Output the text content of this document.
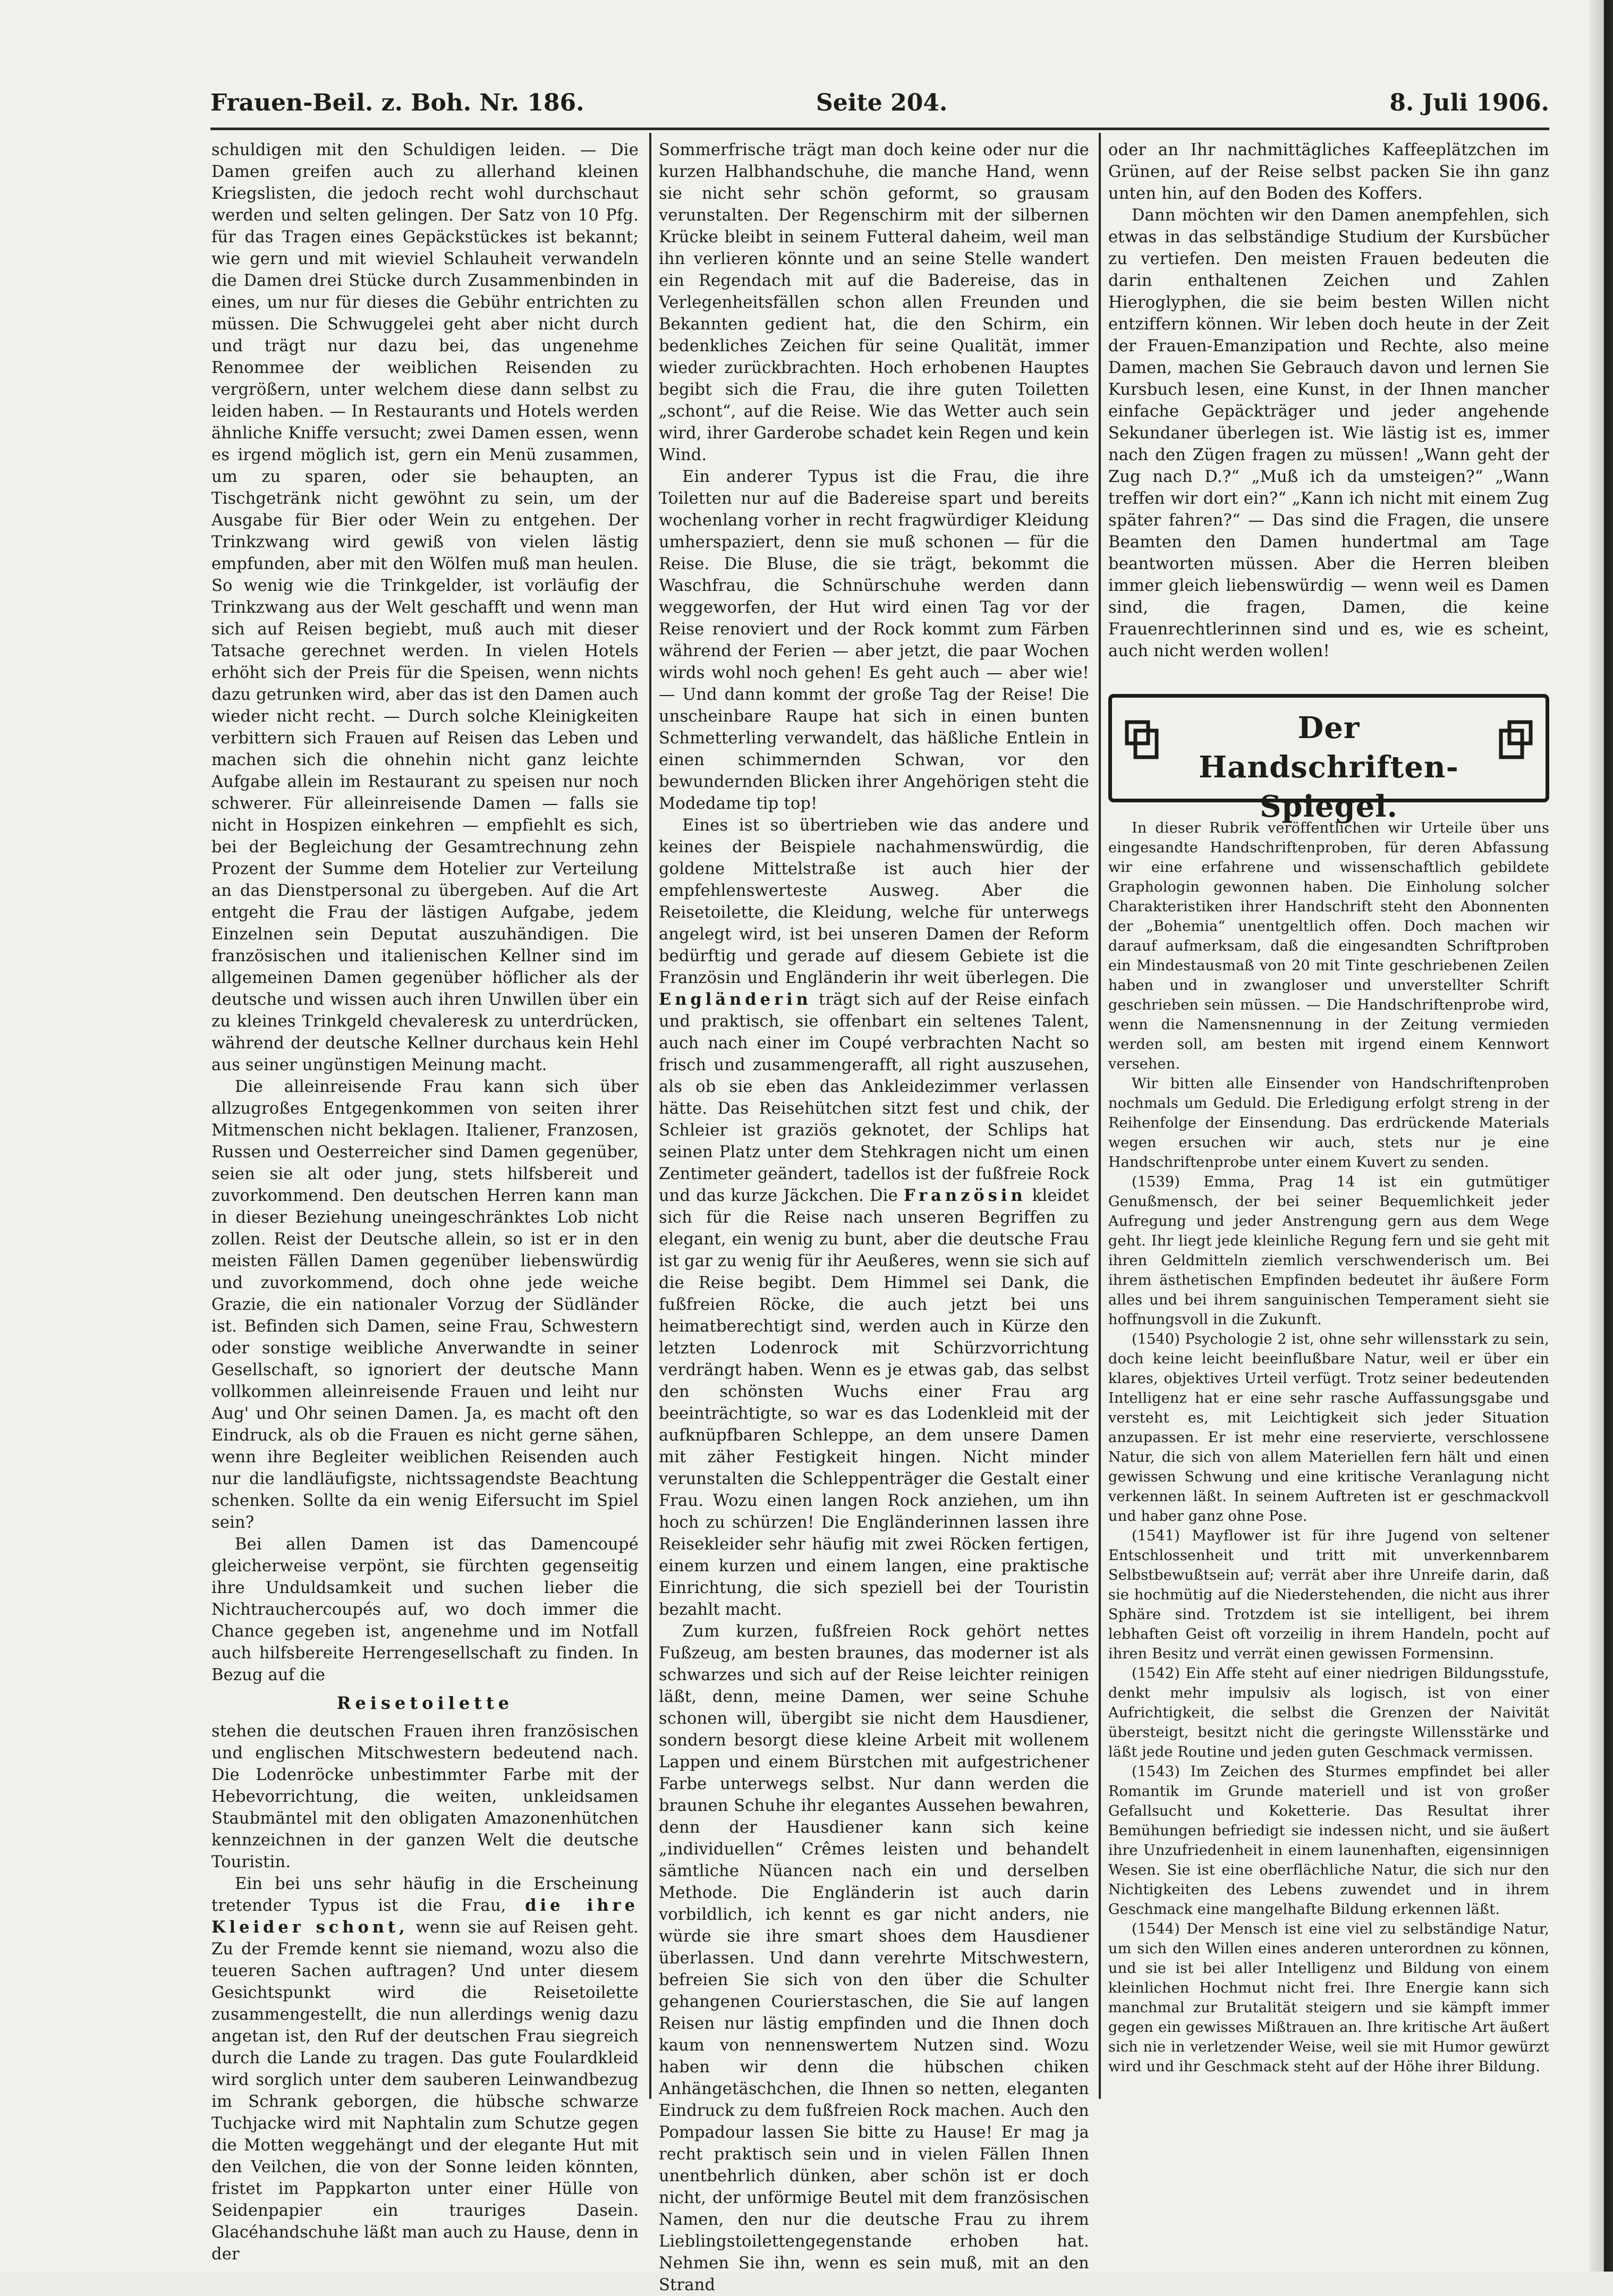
Frauen-Beil. z. Boh. Nr. 186.	Seite 204.	8. Juli 1906.

schuldigen mit den Schuldigen leiden. — Die Damen greifen auch zu allerhand kleinen Kriegslisten, die jedoch recht wohl durchschaut werden und selten gelingen. Der Satz von 10 Pfg. für das Tragen eines Gepäckstückes ist bekannt; wie gern und mit wieviel Schlauheit verwandeln die Damen drei Stücke durch Zusammenbinden in eines, um nur für dieses die Gebühr entrichten zu müssen. Die Schwuggelei geht aber nicht durch und trägt nur dazu bei, das ungenehme Renommee der weiblichen Reisenden zu vergrößern, unter welchem diese dann selbst zu leiden haben. — In Restaurants und Hotels werden ähnliche Kniffe versucht; zwei Damen essen, wenn es irgend möglich ist, gern ein Menü zusammen, um zu sparen, oder sie behaupten, an Tischgetränk nicht gewöhnt zu sein, um der Ausgabe für Bier oder Wein zu entgehen. Der Trinkzwang wird gewiß von vielen lästig empfunden, aber mit den Wölfen muß man heulen. So wenig wie die Trinkgelder, ist vorläufig der Trinkzwang aus der Welt geschafft und wenn man sich auf Reisen begiebt, muß auch mit dieser Tatsache gerechnet werden. In vielen Hotels erhöht sich der Preis für die Speisen, wenn nichts dazu getrunken wird, aber das ist den Damen auch wieder nicht recht. — Durch solche Kleinigkeiten verbittern sich Frauen auf Reisen das Leben und machen sich die ohnehin nicht ganz leichte Aufgabe allein im Restaurant zu speisen nur noch schwerer. Für alleinreisende Damen — falls sie nicht in Hospizen einkehren — empfiehlt es sich, bei der Begleichung der Gesamtrechnung zehn Prozent der Summe dem Hotelier zur Verteilung an das Dienstpersonal zu übergeben. Auf die Art entgeht die Frau der lästigen Aufgabe, jedem Einzelnen sein Deputat auszuhändigen. Die französischen und italienischen Kellner sind im allgemeinen Damen gegenüber höflicher als der deutsche und wissen auch ihren Unwillen über ein zu kleines Trinkgeld chevaleresk zu unterdrücken, während der deutsche Kellner durchaus kein Hehl aus seiner ungünstigen Meinung macht.

Die alleinreisende Frau kann sich über allzugroßes Entgegenkommen von seiten ihrer Mitmenschen nicht beklagen. Italiener, Franzosen, Russen und Oesterreicher sind Damen gegenüber, seien sie alt oder jung, stets hilfsbereit und zuvorkommend. Den deutschen Herren kann man in dieser Beziehung uneingeschränktes Lob nicht zollen. Reist der Deutsche allein, so ist er in den meisten Fällen Damen gegenüber liebenswürdig und zuvorkommend, doch ohne jede weiche Grazie, die ein nationaler Vorzug der Südländer ist. Befinden sich Damen, seine Frau, Schwestern oder sonstige weibliche Anverwandte in seiner Gesellschaft, so ignoriert der deutsche Mann vollkommen alleinreisende Frauen und leiht nur Aug' und Ohr seinen Damen. Ja, es macht oft den Eindruck, als ob die Frauen es nicht gerne sähen, wenn ihre Begleiter weiblichen Reisenden auch nur die landläufigste, nichtssagendste Beachtung schenken. Sollte da ein wenig Eifersucht im Spiel sein?

Bei allen Damen ist das Damencoupé gleicherweise verpönt, sie fürchten gegenseitig ihre Unduldsamkeit und suchen lieber die Nichtrauchercoupés auf, wo doch immer die Chance gegeben ist, angenehme und im Notfall auch hilfsbereite Herrengesellschaft zu finden. In Bezug auf die

Reisetoilette

stehen die deutschen Frauen ihren französischen und englischen Mitschwestern bedeutend nach. Die Lodenröcke unbestimmter Farbe mit der Hebevorrichtung, die weiten, unkleidsamen Staubmäntel mit den obligaten Amazonenhütchen kennzeichnen in der ganzen Welt die deutsche Touristin.

Ein bei uns sehr häufig in die Erscheinung tretender Typus ist die Frau, die ihre Kleider schont, wenn sie auf Reisen geht. Zu der Fremde kennt sie niemand, wozu also die teueren Sachen auftragen? Und unter diesem Gesichtspunkt wird die Reisetoilette zusammengestellt, die nun allerdings wenig dazu angetan ist, den Ruf der deutschen Frau siegreich durch die Lande zu tragen. Das gute Foulardkleid wird sorglich unter dem sauberen Leinwandbezug im Schrank geborgen, die hübsche schwarze Tuchjacke wird mit Naphtalin zum Schutze gegen die Motten weggehängt und der elegante Hut mit den Veilchen, die von der Sonne leiden könnten, fristet im Pappkarton unter einer Hülle von Seidenpapier ein trauriges Dasein. Glacéhandschuhe läßt man auch zu Hause, denn in der

Sommerfrische trägt man doch keine oder nur die kurzen Halbhandschuhe, die manche Hand, wenn sie nicht sehr schön geformt, so grausam verunstalten. Der Regenschirm mit der silbernen Krücke bleibt in seinem Futteral daheim, weil man ihn verlieren könnte und an seine Stelle wandert ein Regendach mit auf die Badereise, das in Verlegenheitsfällen schon allen Freunden und Bekannten gedient hat, die den Schirm, ein bedenkliches Zeichen für seine Qualität, immer wieder zurückbrachten. Hoch erhobenen Hauptes begibt sich die Frau, die ihre guten Toiletten „schont“, auf die Reise. Wie das Wetter auch sein wird, ihrer Garderobe schadet kein Regen und kein Wind.

Ein anderer Typus ist die Frau, die ihre Toiletten nur auf die Badereise spart und bereits wochenlang vorher in recht fragwürdiger Kleidung umherspaziert, denn sie muß schonen — für die Reise. Die Bluse, die sie trägt, bekommt die Waschfrau, die Schnürschuhe werden dann weggeworfen, der Hut wird einen Tag vor der Reise renoviert und der Rock kommt zum Färben während der Ferien — aber jetzt, die paar Wochen wirds wohl noch gehen! Es geht auch — aber wie! — Und dann kommt der große Tag der Reise! Die unscheinbare Raupe hat sich in einen bunten Schmetterling verwandelt, das häßliche Entlein in einen schimmernden Schwan, vor den bewundernden Blicken ihrer Angehörigen steht die Modedame tip top!

Eines ist so übertrieben wie das andere und keines der Beispiele nachahmenswürdig, die goldene Mittelstraße ist auch hier der empfehlenswerteste Ausweg. Aber die Reisetoilette, die Kleidung, welche für unterwegs angelegt wird, ist bei unseren Damen der Reform bedürftig und gerade auf diesem Gebiete ist die Französin und Engländerin ihr weit überlegen. Die Engländerin trägt sich auf der Reise einfach und praktisch, sie offenbart ein seltenes Talent, auch nach einer im Coupé verbrachten Nacht so frisch und zusammengerafft, all right auszusehen, als ob sie eben das Ankleidezimmer verlassen hätte. Das Reisehütchen sitzt fest und chik, der Schleier ist graziös geknotet, der Schlips hat seinen Platz unter dem Stehkragen nicht um einen Zentimeter geändert, tadellos ist der fußfreie Rock und das kurze Jäckchen. Die Französin kleidet sich für die Reise nach unseren Begriffen zu elegant, ein wenig zu bunt, aber die deutsche Frau ist gar zu wenig für ihr Aeußeres, wenn sie sich auf die Reise begibt. Dem Himmel sei Dank, die fußfreien Röcke, die auch jetzt bei uns heimatberechtigt sind, werden auch in Kürze den letzten Lodenrock mit Schürzvorrichtung verdrängt haben. Wenn es je etwas gab, das selbst den schönsten Wuchs einer Frau arg beeinträchtigte, so war es das Lodenkleid mit der aufknüpfbaren Schleppe, an dem unsere Damen mit zäher Festigkeit hingen. Nicht minder verunstalten die Schleppenträger die Gestalt einer Frau. Wozu einen langen Rock anziehen, um ihn hoch zu schürzen! Die Engländerinnen lassen ihre Reisekleider sehr häufig mit zwei Röcken fertigen, einem kurzen und einem langen, eine praktische Einrichtung, die sich speziell bei der Touristin bezahlt macht.

Zum kurzen, fußfreien Rock gehört nettes Fußzeug, am besten braunes, das moderner ist als schwarzes und sich auf der Reise leichter reinigen läßt, denn, meine Damen, wer seine Schuhe schonen will, übergibt sie nicht dem Hausdiener, sondern besorgt diese kleine Arbeit mit wollenem Lappen und einem Bürstchen mit aufgestrichener Farbe unterwegs selbst. Nur dann werden die braunen Schuhe ihr elegantes Aussehen bewahren, denn der Hausdiener kann sich keine „individuellen“ Crêmes leisten und behandelt sämtliche Nüancen nach ein und derselben Methode. Die Engländerin ist auch darin vorbildlich, ich kennt es gar nicht anders, nie würde sie ihre smart shoes dem Hausdiener überlassen. Und dann verehrte Mitschwestern, befreien Sie sich von den über die Schulter gehangenen Courierstaschen, die Sie auf langen Reisen nur lästig empfinden und die Ihnen doch kaum von nennenswertem Nutzen sind. Wozu haben wir denn die hübschen chiken Anhängetäschchen, die Ihnen so netten, eleganten Eindruck zu dem fußfreien Rock machen. Auch den Pompadour lassen Sie bitte zu Hause! Er mag ja recht praktisch sein und in vielen Fällen Ihnen unentbehrlich dünken, aber schön ist er doch nicht, der unförmige Beutel mit dem französischen Namen, den nur die deutsche Frau zu ihrem Lieblingstoilettengegenstande erhoben hat. Nehmen Sie ihn, wenn es sein muß, mit an den Strand

oder an Ihr nachmittägliches Kaffeeplätzchen im Grünen, auf der Reise selbst packen Sie ihn ganz unten hin, auf den Boden des Koffers.

Dann möchten wir den Damen anempfehlen, sich etwas in das selbständige Studium der Kursbücher zu vertiefen. Den meisten Frauen bedeuten die darin enthaltenen Zeichen und Zahlen Hieroglyphen, die sie beim besten Willen nicht entziffern können. Wir leben doch heute in der Zeit der Frauen-Emanzipation und Rechte, also meine Damen, machen Sie Gebrauch davon und lernen Sie Kursbuch lesen, eine Kunst, in der Ihnen mancher einfache Gepäckträger und jeder angehende Sekundaner überlegen ist. Wie lästig ist es, immer nach den Zügen fragen zu müssen! „Wann geht der Zug nach D.?“ „Muß ich da umsteigen?“ „Wann treffen wir dort ein?“ „Kann ich nicht mit einem Zug später fahren?“ — Das sind die Fragen, die unsere Beamten den Damen hundertmal am Tage beantworten müssen. Aber die Herren bleiben immer gleich liebenswürdig — wenn weil es Damen sind, die fragen, Damen, die keine Frauenrechtlerinnen sind und es, wie es scheint, auch nicht werden wollen!

Der Handschriften-
Spiegel.

In dieser Rubrik veröffentlichen wir Urteile über uns eingesandte Handschriftenproben, für deren Abfassung wir eine erfahrene und wissenschaftlich gebildete Graphologin gewonnen haben. Die Einholung solcher Charakteristiken ihrer Handschrift steht den Abonnenten der „Bohemia“ unentgeltlich offen. Doch machen wir darauf aufmerksam, daß die eingesandten Schriftproben ein Mindestausmaß von 20 mit Tinte geschriebenen Zeilen haben und in zwangloser und unverstellter Schrift geschrieben sein müssen. — Die Handschriftenprobe wird, wenn die Namensnennung in der Zeitung vermieden werden soll, am besten mit irgend einem Kennwort versehen.

Wir bitten alle Einsender von Handschriftenproben nochmals um Geduld. Die Erledigung erfolgt streng in der Reihenfolge der Einsendung. Das erdrückende Materials wegen ersuchen wir auch, stets nur je eine Handschriftenprobe unter einem Kuvert zu senden.

(1539) Emma, Prag 14 ist ein gutmütiger Genußmensch, der bei seiner Bequemlichkeit jeder Aufregung und jeder Anstrengung gern aus dem Wege geht. Ihr liegt jede kleinliche Regung fern und sie geht mit ihren Geldmitteln ziemlich verschwenderisch um. Bei ihrem ästhetischen Empfinden bedeutet ihr äußere Form alles und bei ihrem sanguinischen Temperament sieht sie hoffnungsvoll in die Zukunft.

(1540) Psychologie 2 ist, ohne sehr willensstark zu sein, doch keine leicht beeinflußbare Natur, weil er über ein klares, objektives Urteil verfügt. Trotz seiner bedeutenden Intelligenz hat er eine sehr rasche Auffassungsgabe und versteht es, mit Leichtigkeit sich jeder Situation anzupassen. Er ist mehr eine reservierte, verschlossene Natur, die sich von allem Materiellen fern hält und einen gewissen Schwung und eine kritische Veranlagung nicht verkennen läßt. In seinem Auftreten ist er geschmackvoll und haber ganz ohne Pose.

(1541) Mayflower ist für ihre Jugend von seltener Entschlossenheit und tritt mit unverkennbarem Selbstbewußtsein auf; verrät aber ihre Unreife darin, daß sie hochmütig auf die Niederstehenden, die nicht aus ihrer Sphäre sind. Trotzdem ist sie intelligent, bei ihrem lebhaften Geist oft vorzeilig in ihrem Handeln, pocht auf ihren Besitz und verrät einen gewissen Formensinn.

(1542) Ein Affe steht auf einer niedrigen Bildungsstufe, denkt mehr impulsiv als logisch, ist von einer Aufrichtigkeit, die selbst die Grenzen der Naivität übersteigt, besitzt nicht die geringste Willensstärke und läßt jede Routine und jeden guten Geschmack vermissen.

(1543) Im Zeichen des Sturmes empfindet bei aller Romantik im Grunde materiell und ist von großer Gefallsucht und Koketterie. Das Resultat ihrer Bemühungen befriedigt sie indessen nicht, und sie äußert ihre Unzufriedenheit in einem launenhaften, eigensinnigen Wesen. Sie ist eine oberflächliche Natur, die sich nur den Nichtigkeiten des Lebens zuwendet und in ihrem Geschmack eine mangelhafte Bildung erkennen läßt.

(1544) Der Mensch ist eine viel zu selbständige Natur, um sich den Willen eines anderen unterordnen zu können, und sie ist bei aller Intelligenz und Bildung von einem kleinlichen Hochmut nicht frei. Ihre Energie kann sich manchmal zur Brutalität steigern und sie kämpft immer gegen ein gewisses Mißtrauen an. Ihre kritische Art äußert sich nie in verletzender Weise, weil sie mit Humor gewürzt wird und ihr Geschmack steht auf der Höhe ihrer Bildung.
